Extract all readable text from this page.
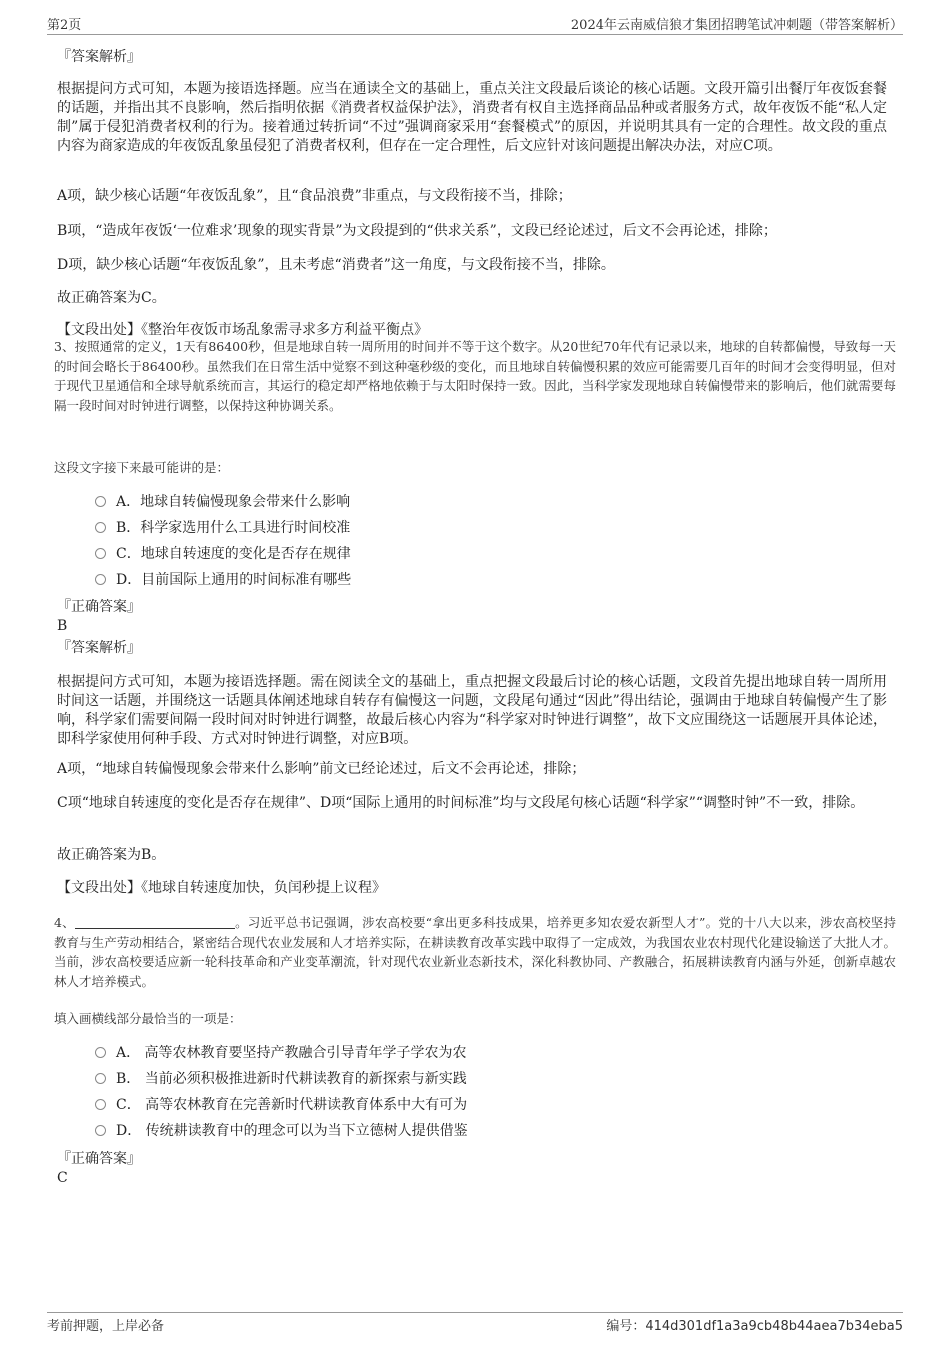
第2页	2024年云南威信狼才集团招聘笔试冲刺题（带答案解析）
『答案解析』
根据提问方式可知，本题为接语选择题。应当在通读全文的基础上，重点关注文段最后谈论的核心话题。文段开篇引出餐厅年夜饭套餐的话题，并指出其不良影响，然后指明依据《消费者权益保护法》，消费者有权自主选择商品品种或者服务方式，故年夜饭不能“私人定制”属于侵犯消费者权利的行为。接着通过转折词“不过”强调商家采用“套餐模式”的原因，并说明其具有一定的合理性。故文段的重点内容为商家造成的年夜饭乱象虽侵犯了消费者权利，但存在一定合理性，后文应针对该问题提出解决办法，对应C项。
A项，缺少核心话题“年夜饭乱象”，且“食品浪费”非重点，与文段衔接不当，排除；
B项，“造成年夜饭‘一位难求’现象的现实背景”为文段提到的“供求关系”，文段已经论述过，后文不会再论述，排除；
D项，缺少核心话题“年夜饭乱象”，且未考虑“消费者”这一角度，与文段衔接不当，排除。
故正确答案为C。
【文段出处】《整治年夜饭市场乱象需寻求多方利益平衡点》
3、按照通常的定义，1天有86400秒，但是地球自转一周所用的时间并不等于这个数字。从20世纪70年代有记录以来，地球的自转都偏慢，导致每一天的时间会略长于86400秒。虽然我们在日常生活中觉察不到这种毫秒级的变化，而且地球自转偏慢积累的效应可能需要几百年的时间才会变得明显，但对于现代卫星通信和全球导航系统而言，其运行的稳定却严格地依赖于与太阳时保持一致。因此，当科学家发现地球自转偏慢带来的影响后，他们就需要每隔一段时间对时钟进行调整，以保持这种协调关系。
这段文字接下来最可能讲的是：
A．地球自转偏慢现象会带来什么影响
B．科学家选用什么工具进行时间校准
C．地球自转速度的变化是否存在规律
D．目前国际上通用的时间标准有哪些
『正确答案』
B
『答案解析』
根据提问方式可知，本题为接语选择题。需在阅读全文的基础上，重点把握文段最后讨论的核心话题，文段首先提出地球自转一周所用时间这一话题，并围绕这一话题具体阐述地球自转存有偏慢这一问题，文段尾句通过“因此”得出结论，强调由于地球自转偏慢产生了影响，科学家们需要间隔一段时间对时钟进行调整，故最后核心内容为“科学家对时钟进行调整”，故下文应围绕这一话题展开具体论述，即科学家使用何种手段、方式对时钟进行调整，对应B项。
A项，“地球自转偏慢现象会带来什么影响”前文已经论述过，后文不会再论述，排除；
C项“地球自转速度的变化是否存在规律”、D项“国际上通用的时间标准”均与文段尾句核心话题“科学家”“调整时钟”不一致，排除。
故正确答案为B。
【文段出处】《地球自转速度加快，负闰秒提上议程》
4、	。习近平总书记强调，涉农高校要“拿出更多科技成果，培养更多知农爱农新型人才”。党的十八大以来，涉农高校坚持教育与生产劳动相结合，紧密结合现代农业发展和人才培养实际，在耕读教育改革实践中取得了一定成效，为我国农业农村现代化建设输送了大批人才。当前，涉农高校要适应新一轮科技革命和产业变革潮流，针对现代农业新业态新技术，深化科教协同、产教融合，拓展耕读教育内涵与外延，创新卓越农林人才培养模式。
填入画横线部分最恰当的一项是：
A． 高等农林教育要坚持产教融合引导青年学子学农为农
B． 当前必须积极推进新时代耕读教育的新探索与新实践
C． 高等农林教育在完善新时代耕读教育体系中大有可为
D． 传统耕读教育中的理念可以为当下立德树人提供借鉴
『正确答案』
C
考前押题，上岸必备	编号：414d301df1a3a9cb48b44aea7b34eba5
